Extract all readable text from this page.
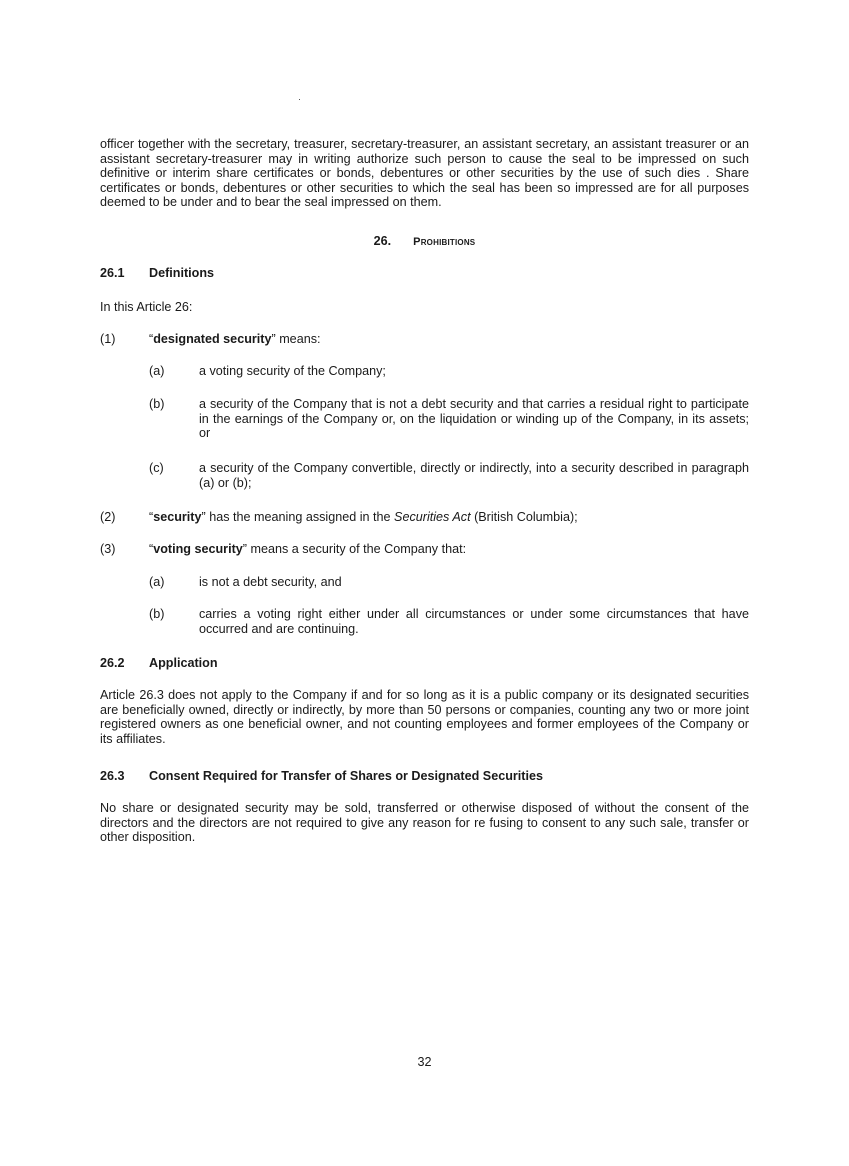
officer together with the secretary, treasurer, secretary-treasurer, an assistant secretary, an assistant treasurer or an assistant secretary-treasurer may in writing authorize such person to cause the seal to be impressed on such definitive or interim share certificates or bonds, debentures or other securities by the use of such dies . Share certificates or bonds, debentures or other securities to which the seal has been so impressed are for all purposes deemed to be under and to bear the seal impressed on them.

26. Prohibitions
26.1 Definitions
In this Article 26:
(1)	“designated security” means:
(a)	a voting security of the Company;

(b)	a security of the Company that is not a debt security and that carries a residual right to participate in the earnings of the Company or, on the liquidation or winding up of the Company, in its assets; or

(c)	a security of the Company convertible, directly or indirectly, into a security described in paragraph (a) or (b);

(2)	“security” has the meaning assigned in the Securities Act (British Columbia);
(3)	“voting security” means a security of the Company that:
(a)	is not a debt security, and

(b)	carries a voting right either under all circumstances or under some circumstances that have occurred and are continuing.

26.2 Application

Article 26.3 does not apply to the Company if and for so long as it is a public company or its designated securities are beneficially owned, directly or indirectly, by more than 50 persons or companies, counting any two or more joint registered owners as one beneficial owner, and not counting employees and former employees of the Company or its affiliates.

26.3 Consent Required for Transfer of Shares or Designated Securities

No share or designated security may be sold, transferred or otherwise disposed of without the consent of the directors and the directors are not required to give any reason for re fusing to consent to any such sale, transfer or other disposition.

32
